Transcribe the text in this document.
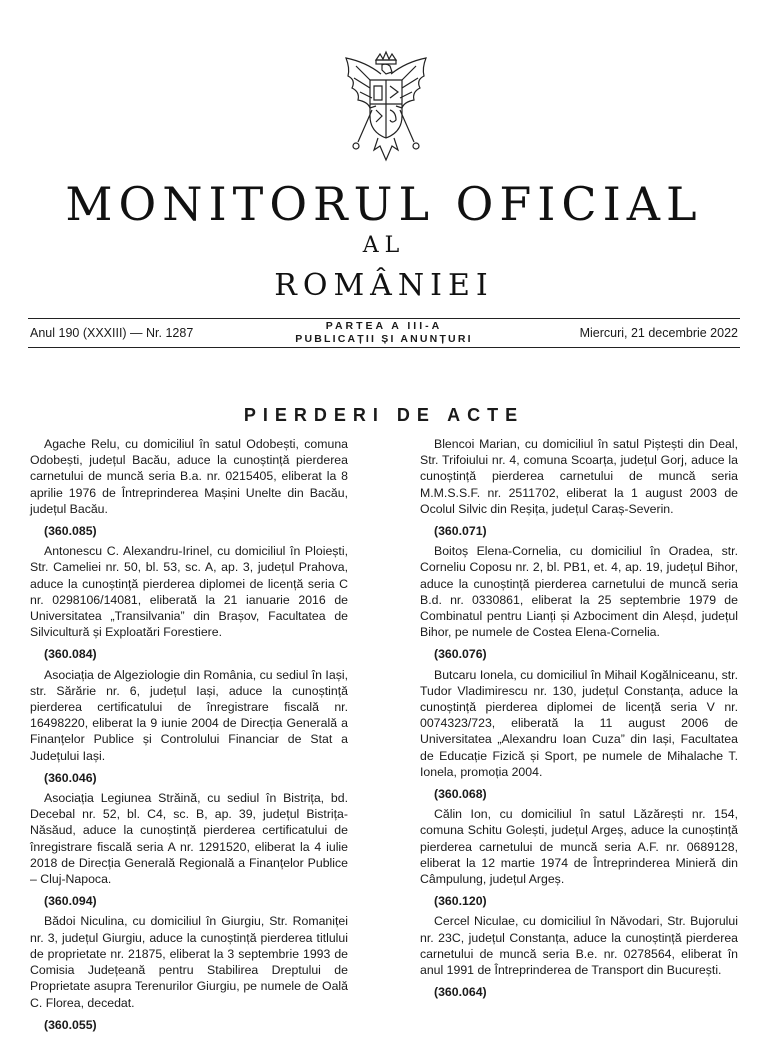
MONITORUL OFICIAL
AL
ROMÂNIEI
Anul 190 (XXXIII) — Nr. 1287	PARTEA A III-A
PUBLICAȚII ȘI ANUNȚURI	Miercuri, 21 decembrie 2022
PIERDERI DE ACTE

Agache Relu, cu domiciliul în satul Odobești, comuna Odobești, județul Bacău, aduce la cunoștință pierderea carnetului de muncă seria B.a. nr. 0215405, eliberat la 8 aprilie 1976 de Întreprinderea Mașini Unelte din Bacău, județul Bacău.

(360.085)

Antonescu C. Alexandru-Irinel, cu domiciliul în Ploiești, Str. Cameliei nr. 50, bl. 53, sc. A, ap. 3, județul Prahova, aduce la cunoștință pierderea diplomei de licență seria C nr. 0298106/14081, eliberată la 21 ianuarie 2016 de Universitatea „Transilvania” din Brașov, Facultatea de Silvicultură și Exploatări Forestiere.

(360.084)

Asociația de Algeziologie din România, cu sediul în Iași, str. Sărărie nr. 6, județul Iași, aduce la cunoștință pierderea certificatului de înregistrare fiscală nr. 16498220, eliberat la 9 iunie 2004 de Direcția Generală a Finanțelor Publice și Controlului Financiar de Stat a Județului Iași.

(360.046)

Asociația Legiunea Străină, cu sediul în Bistrița, bd. Decebal nr. 52, bl. C4, sc. B, ap. 39, județul Bistrița-Năsăud, aduce la cunoștință pierderea certificatului de înregistrare fiscală seria A nr. 1291520, eliberat la 4 iulie 2018 de Direcția Generală Regională a Finanțelor Publice – Cluj-Napoca.

(360.094)

Bădoi Niculina, cu domiciliul în Giurgiu, Str. Romaniței nr. 3, județul Giurgiu, aduce la cunoștință pierderea titlului de proprietate nr. 21875, eliberat la 3 septembrie 1993 de Comisia Județeană pentru Stabilirea Dreptului de Proprietate asupra Terenurilor Giurgiu, pe numele de Oală C. Florea, decedat.

(360.055)

Blencoi Marian, cu domiciliul în satul Piștești din Deal, Str. Trifoiului nr. 4, comuna Scoarța, județul Gorj, aduce la cunoștință pierderea carnetului de muncă seria M.M.S.S.F. nr. 2511702, eliberat la 1 august 2003 de Ocolul Silvic din Reșița, județul Caraș-Severin.

(360.071)

Boitoș Elena-Cornelia, cu domiciliul în Oradea, str. Corneliu Coposu nr. 2, bl. PB1, et. 4, ap. 19, județul Bihor, aduce la cunoștință pierderea carnetului de muncă seria B.d. nr. 0330861, eliberat la 25 septembrie 1979 de Combinatul pentru Lianți și Azbociment din Aleșd, județul Bihor, pe numele de Costea Elena-Cornelia.

(360.076)

Butcaru Ionela, cu domiciliul în Mihail Kogălniceanu, str. Tudor Vladimirescu nr. 130, județul Constanța, aduce la cunoștință pierderea diplomei de licență seria V nr. 0074323/723, eliberată la 11 august 2006 de Universitatea „Alexandru Ioan Cuza” din Iași, Facultatea de Educație Fizică și Sport, pe numele de Mihalache T. Ionela, promoția 2004.

(360.068)

Călin Ion, cu domiciliul în satul Lăzărești nr. 154, comuna Schitu Golești, județul Argeș, aduce la cunoștință pierderea carnetului de muncă seria A.F. nr. 0689128, eliberat la 12 martie 1974 de Întreprinderea Minieră din Câmpulung, județul Argeș.

(360.120)

Cercel Niculae, cu domiciliul în Năvodari, Str. Bujorului nr. 23C, județul Constanța, aduce la cunoștință pierderea carnetului de muncă seria B.e. nr. 0278564, eliberat în anul 1991 de Întreprinderea de Transport din București.

(360.064)
